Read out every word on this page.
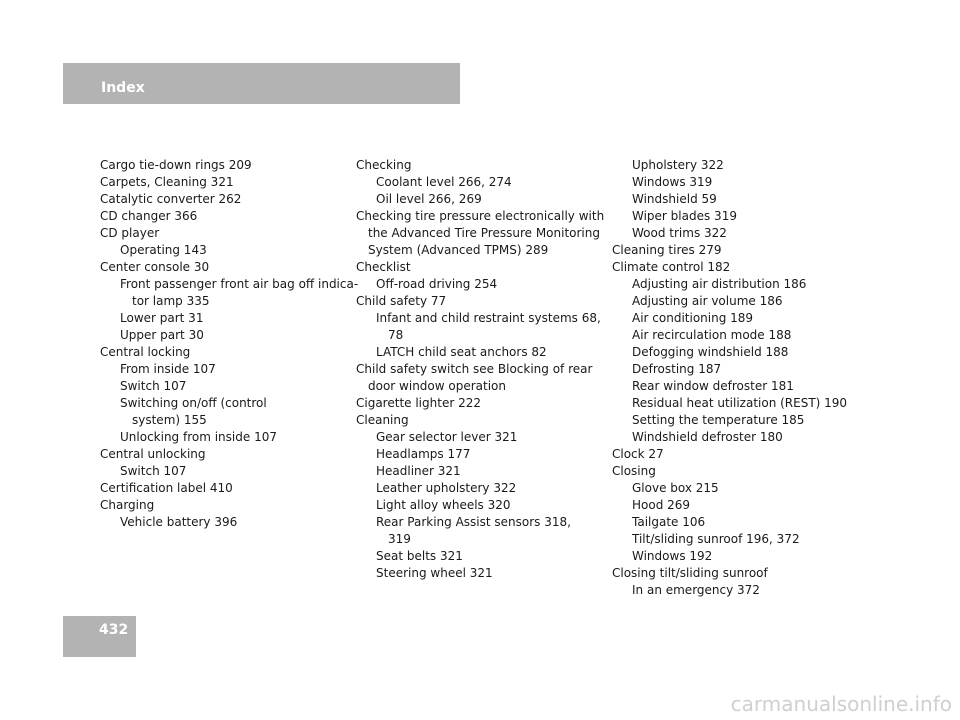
Index
Cargo tie-down rings 209
Carpets, Cleaning 321
Catalytic converter 262
CD changer 366
CD player
Operating 143
Center console 30
Front passenger front air bag off indica-
tor lamp 335
Lower part 31
Upper part 30
Central locking
From inside 107
Switch 107
Switching on/off (control
system) 155
Unlocking from inside 107
Central unlocking
Switch 107
Certification label 410
Charging
Vehicle battery 396
Checking
Coolant level 266, 274
Oil level 266, 269
Checking tire pressure electronically with
the Advanced Tire Pressure Monitoring
System (Advanced TPMS) 289
Checklist
Off-road driving 254
Child safety 77
Infant and child restraint systems 68,
78
LATCH child seat anchors 82
Child safety switch see Blocking of rear
door window operation
Cigarette lighter 222
Cleaning
Gear selector lever 321
Headlamps 177
Headliner 321
Leather upholstery 322
Light alloy wheels 320
Rear Parking Assist sensors 318,
319
Seat belts 321
Steering wheel 321
Upholstery 322
Windows 319
Windshield 59
Wiper blades 319
Wood trims 322
Cleaning tires 279
Climate control 182
Adjusting air distribution 186
Adjusting air volume 186
Air conditioning 189
Air recirculation mode 188
Defogging windshield 188
Defrosting 187
Rear window defroster 181
Residual heat utilization (REST) 190
Setting the temperature 185
Windshield defroster 180
Clock 27
Closing
Glove box 215
Hood 269
Tailgate 106
Tilt/sliding sunroof 196, 372
Windows 192
Closing tilt/sliding sunroof
In an emergency 372
432
carmanualsonline.info
